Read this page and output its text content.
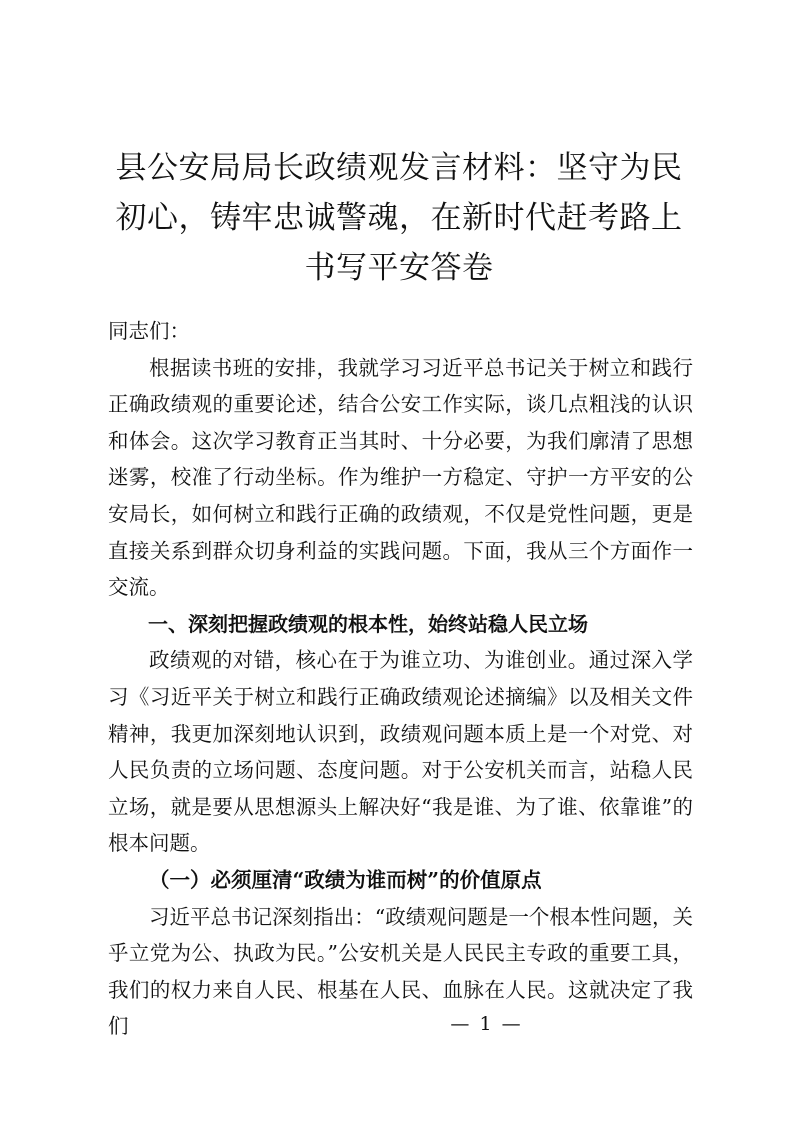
县公安局局长政绩观发言材料：坚守为民初心，铸牢忠诚警魂，在新时代赶考路上书写平安答卷

同志们：

根据读书班的安排，我就学习习近平总书记关于树立和践行正确政绩观的重要论述，结合公安工作实际，谈几点粗浅的认识和体会。这次学习教育正当其时、十分必要，为我们廓清了思想迷雾，校准了行动坐标。作为维护一方稳定、守护一方平安的公安局长，如何树立和践行正确的政绩观，不仅是党性问题，更是直接关系到群众切身利益的实践问题。下面，我从三个方面作一交流。

一、深刻把握政绩观的根本性，始终站稳人民立场

政绩观的对错，核心在于为谁立功、为谁创业。通过深入学习《习近平关于树立和践行正确政绩观论述摘编》以及相关文件精神，我更加深刻地认识到，政绩观问题本质上是一个对党、对人民负责的立场问题、态度问题。对于公安机关而言，站稳人民立场，就是要从思想源头上解决好“我是谁、为了谁、依靠谁”的根本问题。

（一）必须厘清“政绩为谁而树”的价值原点

习近平总书记深刻指出：“政绩观问题是一个根本性问题，关乎立党为公、执政为民。”公安机关是人民民主专政的重要工具，我们的权力来自人民、根基在人民、血脉在人民。这就决定了我们	— 1 —
